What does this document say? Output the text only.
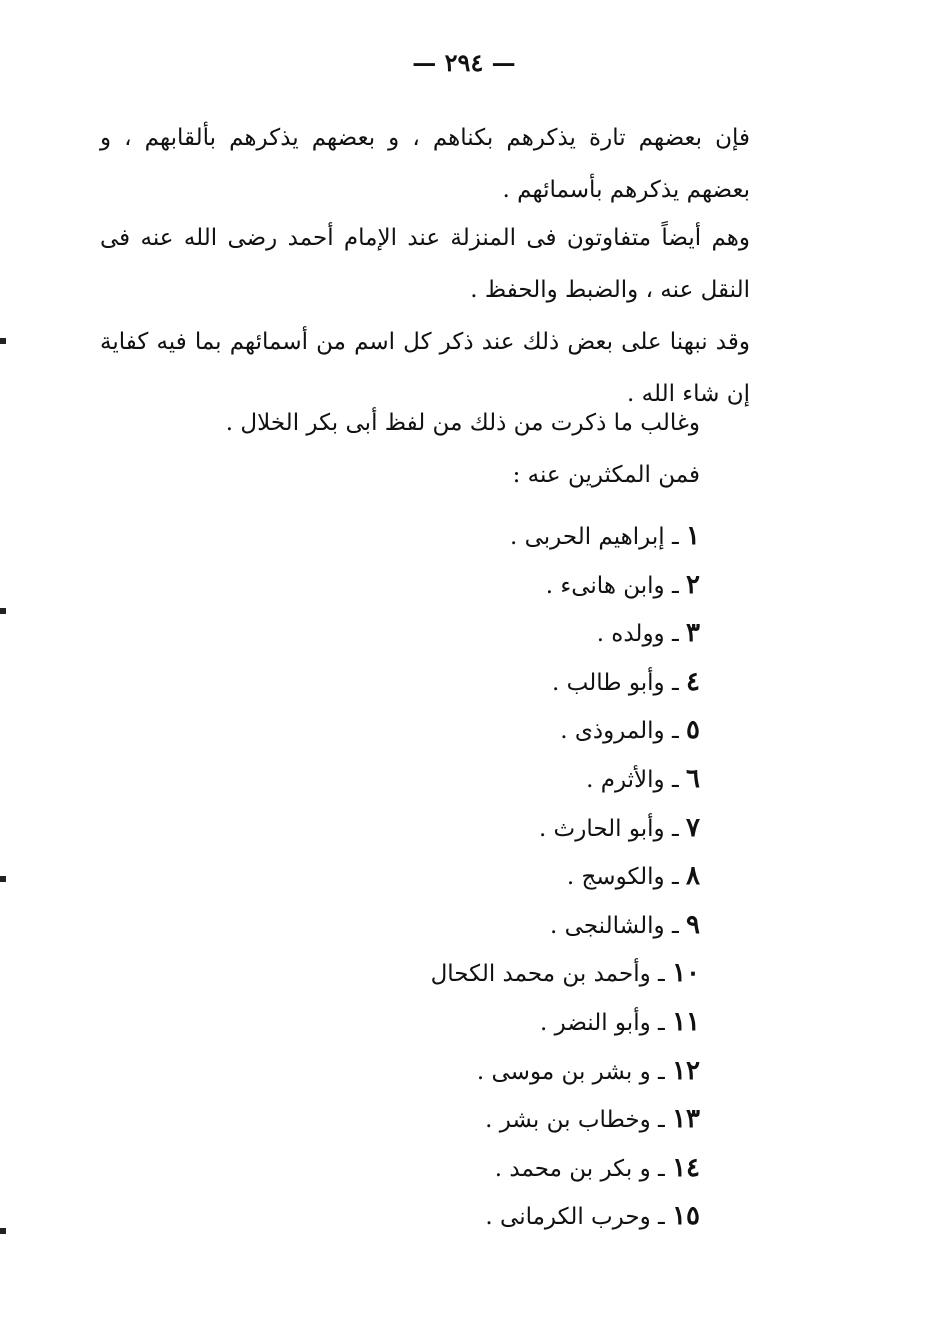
— ٢٩٤ —
فإن بعضهم تارة يذكرهم بكناهم ، و بعضهم يذكرهم بألقابهم ، و بعضهم يذكرهم بأسمائهم .
وهم أيضاً متفاوتون فى المنزلة عند الإمام أحمد رضى الله عنه فى النقل عنه ، والضبط والحفظ .
وقد نبهنا على بعض ذلك عند ذكر كل اسم من أسمائهم بما فيه كفاية إن شاء الله .
وغالب ما ذكرت من ذلك من لفظ أبى بكر الخلال .
فمن المكثرين عنه :
١ ـ إبراهيم الحربى .
٢ ـ وابن هانىء .
٣ ـ وولده .
٤ ـ وأبو طالب .
٥ ـ والمروذى .
٦ ـ والأثرم .
٧ ـ وأبو الحارث .
٨ ـ والكوسج .
٩ ـ والشالنجى .
١٠ ـ وأحمد بن محمد الكحال
١١ ـ وأبو النضر .
١٢ ـ و بشر بن موسى .
١٣ ـ وخطاب بن بشر .
١٤ ـ و بكر بن محمد .
١٥ ـ وحرب الكرمانى .
